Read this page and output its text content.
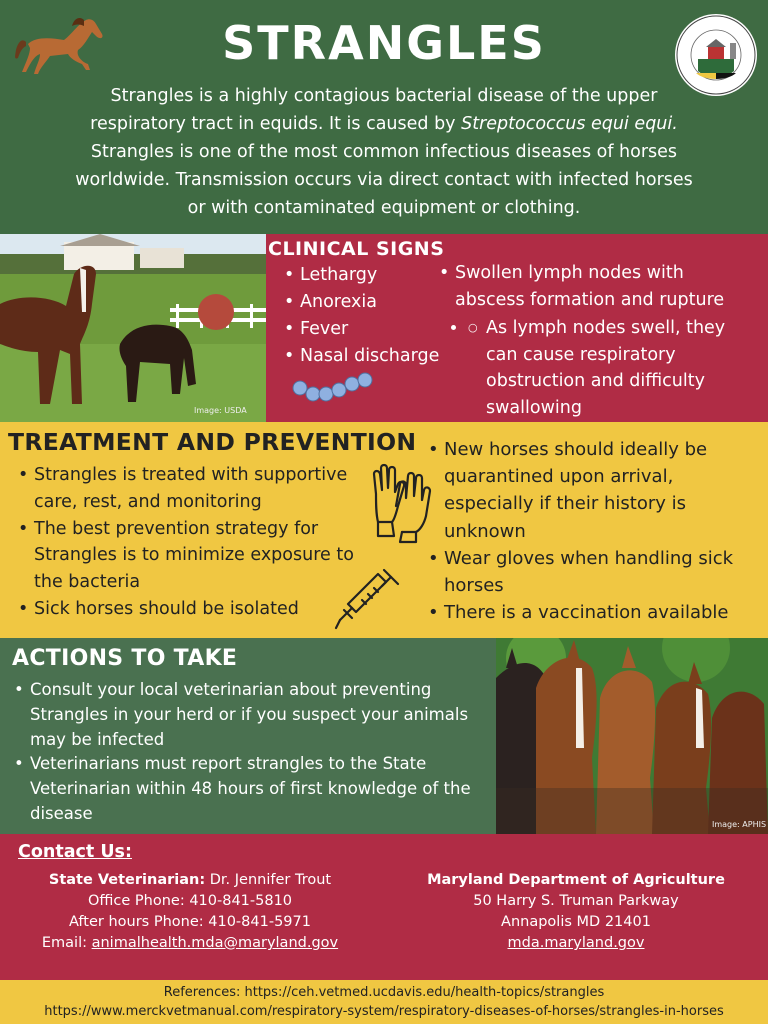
STRANGLES

Strangles is a highly contagious bacterial disease of the upper respiratory tract in equids. It is caused by Streptococcus equi equi. Strangles is one of the most common infectious diseases of horses worldwide. Transmission occurs via direct contact with infected horses or with contaminated equipment or clothing.

Image: USDA
CLINICAL SIGNS
• Lethargy
• Anorexia
• Fever
• Nasal discharge
• Swollen lymph nodes with abscess formation and rupture
○ • As lymph nodes swell, they can cause respiratory obstruction and difficulty swallowing
TREATMENT AND PREVENTION
• Strangles is treated with supportive care, rest, and monitoring
• The best prevention strategy for Strangles is to minimize exposure to the bacteria
• Sick horses should be isolated
• New horses should ideally be quarantined upon arrival, especially if their history is unknown
• Wear gloves when handling sick horses
• There is a vaccination available
ACTIONS TO TAKE
• Consult your local veterinarian about preventing Strangles in your herd or if you suspect your animals may be infected
• Veterinarians must report strangles to the State Veterinarian within 48 hours of first knowledge of the disease
Image: APHIS
Contact Us:
State Veterinarian: Dr. Jennifer Trout
Office Phone: 410-841-5810
After hours Phone: 410-841-5971
Email: animalhealth.mda@maryland.gov
Maryland Department of Agriculture
50 Harry S. Truman Parkway
Annapolis MD 21401
mda.maryland.gov
References: https://ceh.vetmed.ucdavis.edu/health-topics/strangles
https://www.merckvetmanual.com/respiratory-system/respiratory-diseases-of-horses/strangles-in-horses
